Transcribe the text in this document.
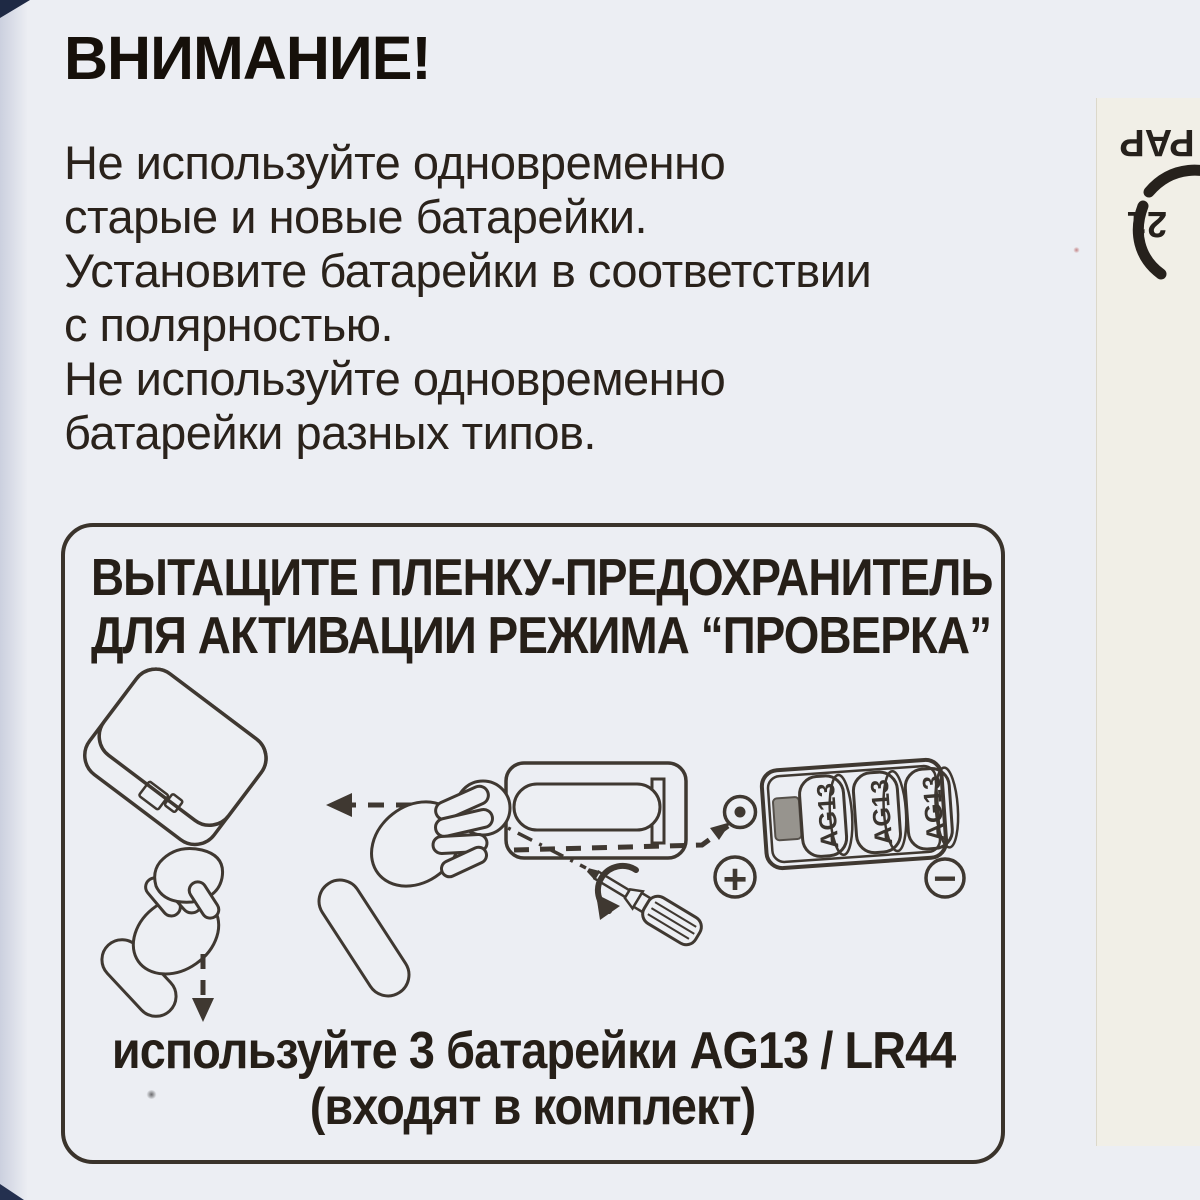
ВНИМАНИЕ!
Не используйте одновременно
старые и новые батарейки.
Установите батарейки в соответствии
с полярностью.
Не используйте одновременно
батарейки разных типов.
ВЫТАЩИТЕ ПЛЕНКУ-ПРЕДОХРАНИТЕЛЬ
ДЛЯ АКТИВАЦИИ РЕЖИМА “ПРОВЕРКА”
используйте 3 батарейки AG13 / LR44
(входят в комплект)
+	−
AG13
AG13
AG13
PAP
21
